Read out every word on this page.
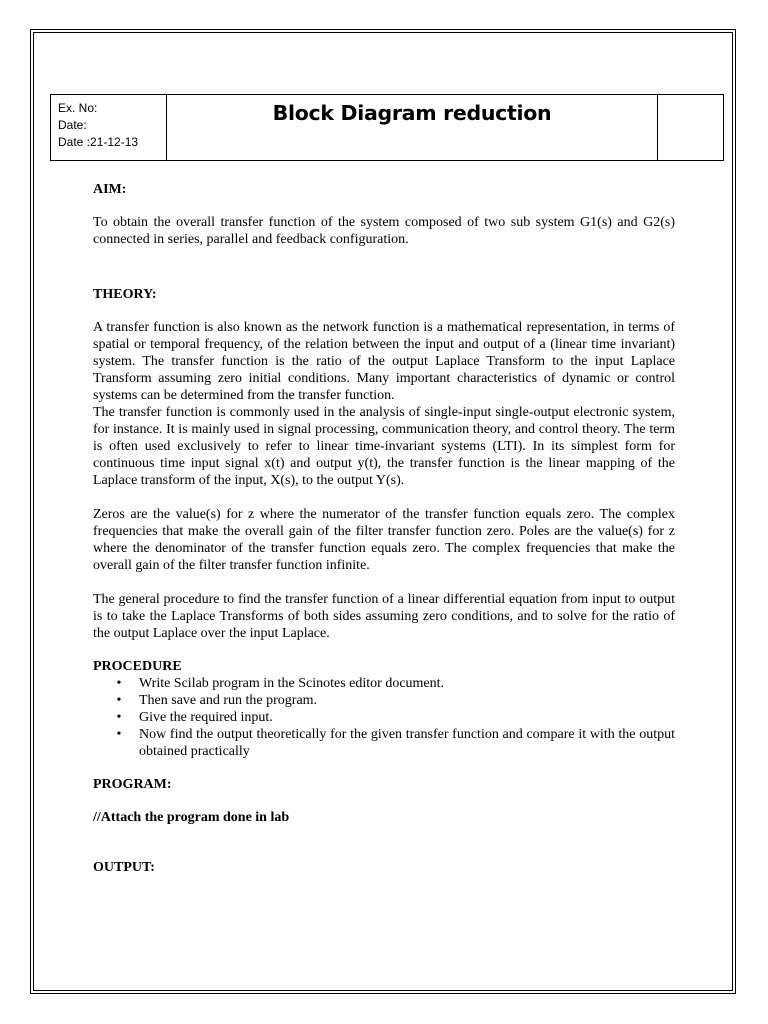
Ex. No:
Date:
Date :21-12-13
Block Diagram reduction

AIM:

To obtain the overall transfer function of the system composed of two sub system G1(s) and G2(s) connected in series, parallel and feedback configuration.

THEORY:

A transfer function is also known as the network function is a mathematical representation, in terms of spatial or temporal frequency, of the relation between the input and output of a (linear time invariant) system. The transfer function is the ratio of the output Laplace Transform to the input Laplace Transform assuming zero initial conditions. Many important characteristics of dynamic or control systems can be determined from the transfer function.

The transfer function is commonly used in the analysis of single-input single-output electronic system, for instance. It is mainly used in signal processing, communication theory, and control theory. The term is often used exclusively to refer to linear time-invariant systems (LTI). In its simplest form for continuous time input signal x(t) and output y(t), the transfer function is the linear mapping of the Laplace transform of the input, X(s), to the output Y(s).

Zeros are the value(s) for z where the numerator of the transfer function equals zero. The complex frequencies that make the overall gain of the filter transfer function zero. Poles are the value(s) for z where the denominator of the transfer function equals zero. The complex frequencies that make the overall gain of the filter transfer function infinite.

The general procedure to find the transfer function of a linear differential equation from input to output is to take the Laplace Transforms of both sides assuming zero conditions, and to solve for the ratio of the output Laplace over the input Laplace.

PROCEDURE

• Write Scilab program in the Scinotes editor document.
• Then save and run the program.
• Give the required input.
• Now find the output theoretically for the given transfer function and compare it with the output obtained practically

PROGRAM:

//Attach the program done in lab

OUTPUT:
